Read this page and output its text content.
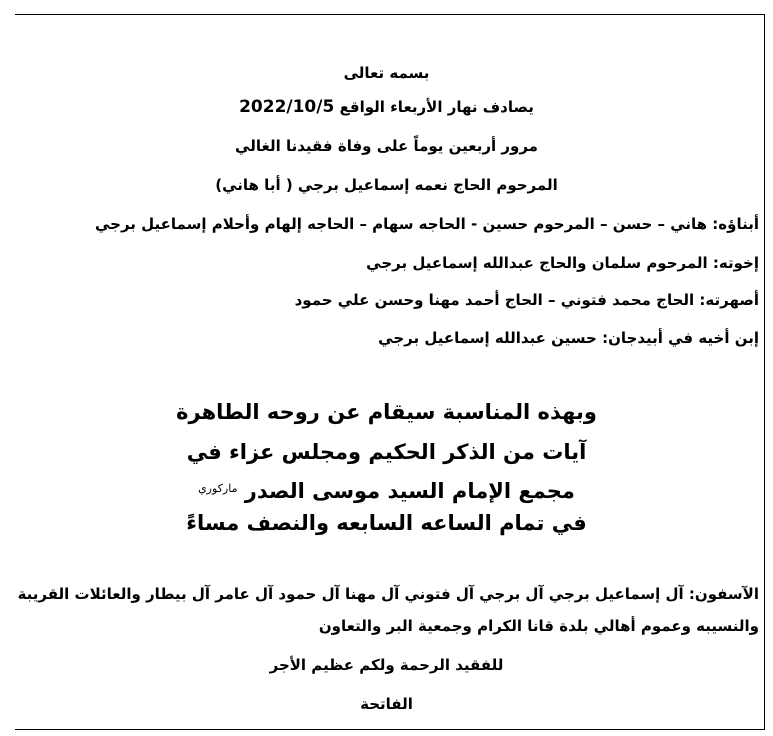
بسمه تعالى
يصادف نهار الأربعاء الواقع 2022/10/5
مرور أربعين يوماً على وفاة فقيدنا الغالي
المرحوم الحاج نعمه إسماعيل برجي ( أبا هاني)
أبناؤه: هاني – حسن – المرحوم حسين - الحاجه سهام – الحاجه إلهام وأحلام إسماعيل برجي
إخوته: المرحوم سلمان والحاج عبدالله إسماعيل برجي
أصهرته: الحاج محمد فتوني – الحاج أحمد مهنا وحسن علي حمود
إبن أخيه في أبيدجان: حسين عبدالله إسماعيل برجي
وبهذه المناسبة سيقام عن روحه الطاهرة
آيات من الذكر الحكيم ومجلس عزاء في
مجمع الإمام السيد موسى الصدر $^{ماركوري}$
في تمام الساعه السابعه والنصف مساءً
الآسفون: آل إسماعيل برجي آل برجي آل فتوني آل مهنا آل حمود آل عامر آل بيطار والعائلات القريبة
والنسيبه وعموم أهالي بلدة قانا الكرام وجمعية البر والتعاون
للفقيد الرحمة ولكم عظيم الأجر
الفاتحة
